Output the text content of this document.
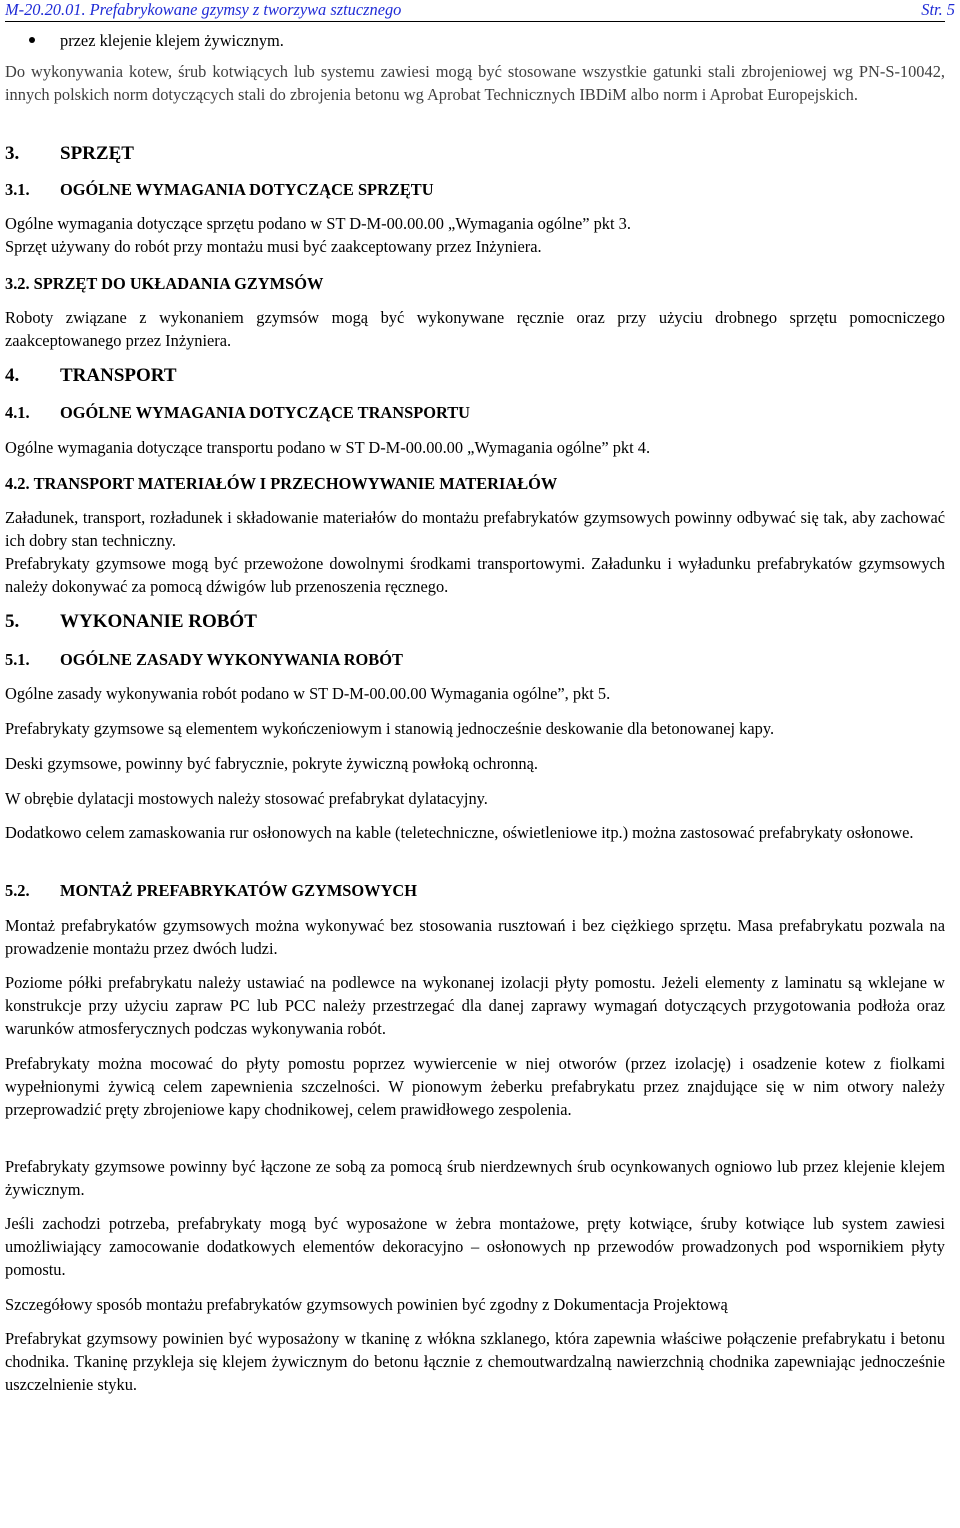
M-20.20.01. Prefabrykowane gzymsy z tworzywa sztucznego	Str. 5
przez klejenie klejem żywicznym.

Do wykonywania kotew, śrub kotwiących lub systemu zawiesi mogą być stosowane wszystkie gatunki stali zbrojeniowej wg PN-S-10042, innych polskich norm dotyczących stali do zbrojenia betonu wg Aprobat Technicznych IBDiM albo norm i Aprobat Europejskich.

3. SPRZĘT
3.1. OGÓLNE WYMAGANIA DOTYCZĄCE SPRZĘTU

Ogólne wymagania dotyczące sprzętu podano w ST D-M-00.00.00 „Wymagania ogólne” pkt 3.

Sprzęt używany do robót przy montażu musi być zaakceptowany przez Inżyniera.

3.2. SPRZĘT DO UKŁADANIA GZYMSÓW

Roboty związane z wykonaniem gzymsów mogą być wykonywane ręcznie oraz przy użyciu drobnego sprzętu pomocniczego zaakceptowanego przez Inżyniera.

4. TRANSPORT
4.1. OGÓLNE WYMAGANIA DOTYCZĄCE TRANSPORTU

Ogólne wymagania dotyczące transportu podano w ST D-M-00.00.00 „Wymagania ogólne” pkt 4.

4.2. TRANSPORT MATERIAŁÓW I PRZECHOWYWANIE MATERIAŁÓW

Załadunek, transport, rozładunek i składowanie materiałów do montażu prefabrykatów gzymsowych powinny odbywać się tak, aby zachować ich dobry stan techniczny.

Prefabrykaty gzymsowe mogą być przewożone dowolnymi środkami transportowymi. Załadunku i wyładunku prefabrykatów gzymsowych należy dokonywać za pomocą dźwigów lub przenoszenia ręcznego.

5. WYKONANIE ROBÓT
5.1. OGÓLNE ZASADY WYKONYWANIA ROBÓT

Ogólne zasady wykonywania robót podano w ST D-M-00.00.00 Wymagania ogólne”, pkt 5.

Prefabrykaty gzymsowe są elementem wykończeniowym i stanowią jednocześnie deskowanie dla betonowanej kapy.

Deski gzymsowe, powinny być fabrycznie, pokryte żywiczną powłoką ochronną.

W obrębie dylatacji mostowych należy stosować prefabrykat dylatacyjny.

Dodatkowo celem zamaskowania rur osłonowych na kable (teletechniczne, oświetleniowe itp.) można zastosować prefabrykaty osłonowe.

5.2. MONTAŻ PREFABRYKATÓW GZYMSOWYCH

Montaż prefabrykatów gzymsowych można wykonywać bez stosowania rusztowań i bez ciężkiego sprzętu. Masa prefabrykatu pozwala na prowadzenie montażu przez dwóch ludzi.

Poziome półki prefabrykatu należy ustawiać na podlewce na wykonanej izolacji płyty pomostu. Jeżeli elementy z laminatu są wklejane w konstrukcje przy użyciu zapraw PC lub PCC należy przestrzegać dla danej zaprawy wymagań dotyczących przygotowania podłoża oraz warunków atmosferycznych podczas wykonywania robót.

Prefabrykaty można mocować do płyty pomostu poprzez wywiercenie w niej otworów (przez izolację) i osadzenie kotew z fiolkami wypełnionymi żywicą celem zapewnienia szczelności. W pionowym żeberku prefabrykatu przez znajdujące się w nim otwory należy przeprowadzić pręty zbrojeniowe kapy chodnikowej, celem prawidłowego zespolenia.

Prefabrykaty gzymsowe powinny być łączone ze sobą za pomocą śrub nierdzewnych śrub ocynkowanych ogniowo lub przez klejenie klejem żywicznym.

Jeśli zachodzi potrzeba, prefabrykaty mogą być wyposażone w żebra montażowe, pręty kotwiące, śruby kotwiące lub system zawiesi umożliwiający zamocowanie dodatkowych elementów dekoracyjno – osłonowych np przewodów prowadzonych pod wspornikiem płyty pomostu.

Szczegółowy sposób montażu prefabrykatów gzymsowych powinien być zgodny z Dokumentacja Projektową

Prefabrykat gzymsowy powinien być wyposażony w tkaninę z włókna szklanego, która zapewnia właściwe połączenie prefabrykatu i betonu chodnika. Tkaninę przykleja się klejem żywicznym do betonu łącznie z chemoutwardzalną nawierzchnią chodnika zapewniając jednocześnie uszczelnienie styku.
